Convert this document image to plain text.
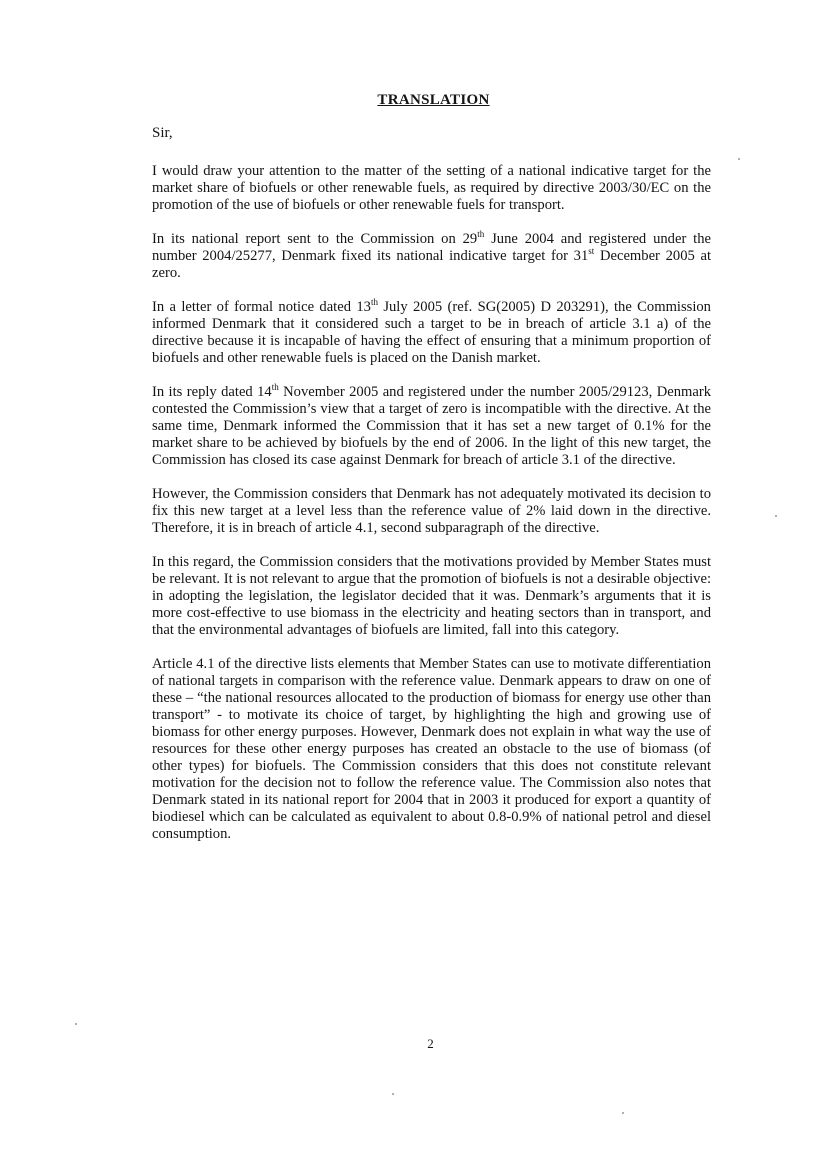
TRANSLATION
Sir,

I would draw your attention to the matter of the setting of a national indicative target for the market share of biofuels or other renewable fuels, as required by directive 2003/30/EC on the promotion of the use of biofuels or other renewable fuels for transport.

In its national report sent to the Commission on 29th June 2004 and registered under the number 2004/25277, Denmark fixed its national indicative target for 31st December 2005 at zero.

In a letter of formal notice dated 13th July 2005 (ref. SG(2005) D 203291), the Commission informed Denmark that it considered such a target to be in breach of article 3.1 a) of the directive because it is incapable of having the effect of ensuring that a minimum proportion of biofuels and other renewable fuels is placed on the Danish market.

In its reply dated 14th November 2005 and registered under the number 2005/29123, Denmark contested the Commission’s view that a target of zero is incompatible with the directive. At the same time, Denmark informed the Commission that it has set a new target of 0.1% for the market share to be achieved by biofuels by the end of 2006. In the light of this new target, the Commission has closed its case against Denmark for breach of article 3.1 of the directive.

However, the Commission considers that Denmark has not adequately motivated its decision to fix this new target at a level less than the reference value of 2% laid down in the directive. Therefore, it is in breach of article 4.1, second subparagraph of the directive.

In this regard, the Commission considers that the motivations provided by Member States must be relevant. It is not relevant to argue that the promotion of biofuels is not a desirable objective: in adopting the legislation, the legislator decided that it was. Denmark’s arguments that it is more cost-effective to use biomass in the electricity and heating sectors than in transport, and that the environmental advantages of biofuels are limited, fall into this category.

Article 4.1 of the directive lists elements that Member States can use to motivate differentiation of national targets in comparison with the reference value. Denmark appears to draw on one of these – “the national resources allocated to the production of biomass for energy use other than transport” - to motivate its choice of target, by highlighting the high and growing use of biomass for other energy purposes. However, Denmark does not explain in what way the use of resources for these other energy purposes has created an obstacle to the use of biomass (of other types) for biofuels. The Commission considers that this does not constitute relevant motivation for the decision not to follow the reference value. The Commission also notes that Denmark stated in its national report for 2004 that in 2003 it produced for export a quantity of biodiesel which can be calculated as equivalent to about 0.8-0.9% of national petrol and diesel consumption.

2
